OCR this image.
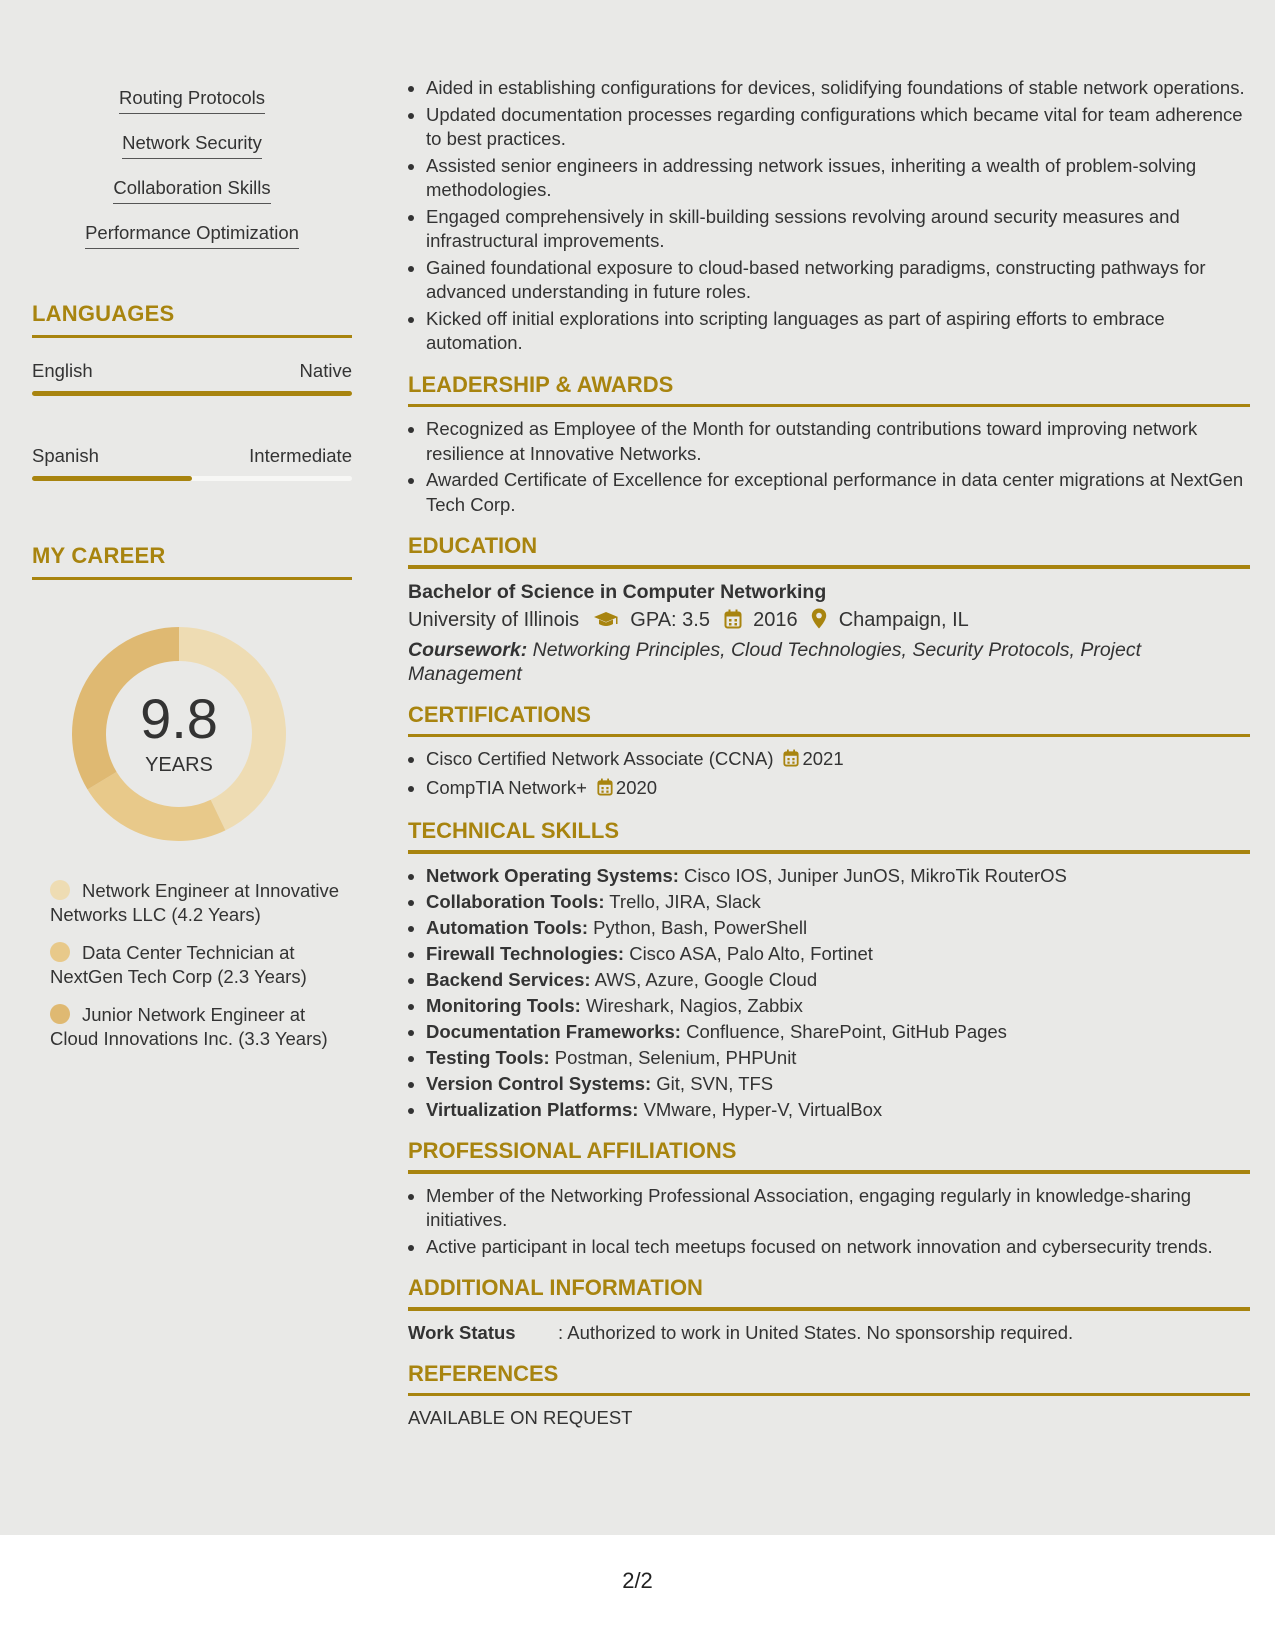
Routing Protocols
Network Security
Collaboration Skills
Performance Optimization
LANGUAGES
English	Native
Spanish	Intermediate
MY CAREER
9.8
YEARS
Network Engineer at Innovative Networks LLC (4.2 Years)
Data Center Technician at NextGen Tech Corp (2.3 Years)
Junior Network Engineer at Cloud Innovations Inc. (3.3 Years)
Aided in establishing configurations for devices, solidifying foundations of stable network operations.
Updated documentation processes regarding configurations which became vital for team adherence to best practices.
Assisted senior engineers in addressing network issues, inheriting a wealth of problem-solving methodologies.
Engaged comprehensively in skill-building sessions revolving around security measures and infrastructural improvements.
Gained foundational exposure to cloud-based networking paradigms, constructing pathways for advanced understanding in future roles.
Kicked off initial explorations into scripting languages as part of aspiring efforts to embrace automation.
LEADERSHIP & AWARDS
Recognized as Employee of the Month for outstanding contributions toward improving network resilience at Innovative Networks.
Awarded Certificate of Excellence for exceptional performance in data center migrations at NextGen Tech Corp.
EDUCATION
Bachelor of Science in Computer Networking
University of Illinois	GPA: 3.5 2016 Champaign, IL
Coursework: Networking Principles, Cloud Technologies, Security Protocols, Project Management
CERTIFICATIONS
Cisco Certified Network Associate (CCNA) 2021
CompTIA Network+ 2020
TECHNICAL SKILLS
Network Operating Systems: Cisco IOS, Juniper JunOS, MikroTik RouterOS
Collaboration Tools: Trello, JIRA, Slack
Automation Tools: Python, Bash, PowerShell
Firewall Technologies: Cisco ASA, Palo Alto, Fortinet
Backend Services: AWS, Azure, Google Cloud
Monitoring Tools: Wireshark, Nagios, Zabbix
Documentation Frameworks: Confluence, SharePoint, GitHub Pages
Testing Tools: Postman, Selenium, PHPUnit
Version Control Systems: Git, SVN, TFS
Virtualization Platforms: VMware, Hyper-V, VirtualBox
PROFESSIONAL AFFILIATIONS
Member of the Networking Professional Association, engaging regularly in knowledge-sharing initiatives.
Active participant in local tech meetups focused on network innovation and cybersecurity trends.
ADDITIONAL INFORMATION
Work Status	: Authorized to work in United States. No sponsorship required.
REFERENCES
AVAILABLE ON REQUEST
2/2
